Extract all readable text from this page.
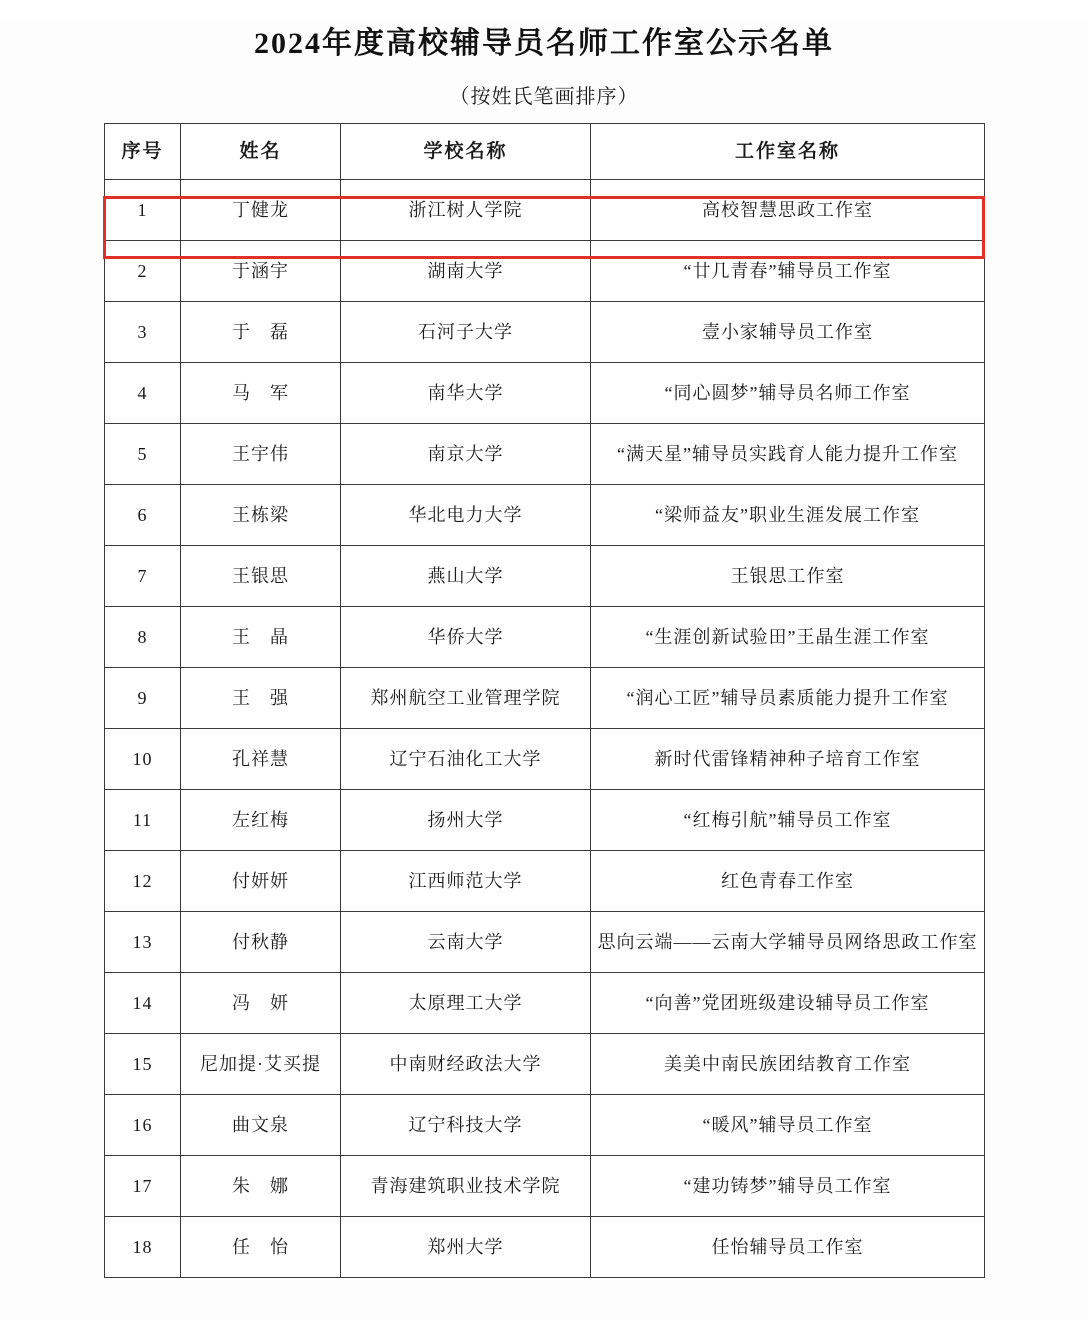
2024年度高校辅导员名师工作室公示名单
（按姓氏笔画排序）
序号	姓名	学校名称	工作室名称
1	丁健龙	浙江树人学院	高校智慧思政工作室
2	于涵宇	湖南大学	“廿几青春”辅导员工作室
3	于　磊	石河子大学	壹小家辅导员工作室
4	马　军	南华大学	“同心圆梦”辅导员名师工作室
5	王宇伟	南京大学	“满天星”辅导员实践育人能力提升工作室
6	王栋梁	华北电力大学	“梁师益友”职业生涯发展工作室
7	王银思	燕山大学	王银思工作室
8	王　晶	华侨大学	“生涯创新试验田”王晶生涯工作室
9	王　强	郑州航空工业管理学院	“润心工匠”辅导员素质能力提升工作室
10	孔祥慧	辽宁石油化工大学	新时代雷锋精神种子培育工作室
11	左红梅	扬州大学	“红梅引航”辅导员工作室
12	付妍妍	江西师范大学	红色青春工作室
13	付秋静	云南大学	思向云端——云南大学辅导员网络思政工作室
14	冯　妍	太原理工大学	“向善”党团班级建设辅导员工作室
15	尼加提·艾买提	中南财经政法大学	美美中南民族团结教育工作室
16	曲文泉	辽宁科技大学	“暖风”辅导员工作室
17	朱　娜	青海建筑职业技术学院	“建功铸梦”辅导员工作室
18	任　怡	郑州大学	任怡辅导员工作室
